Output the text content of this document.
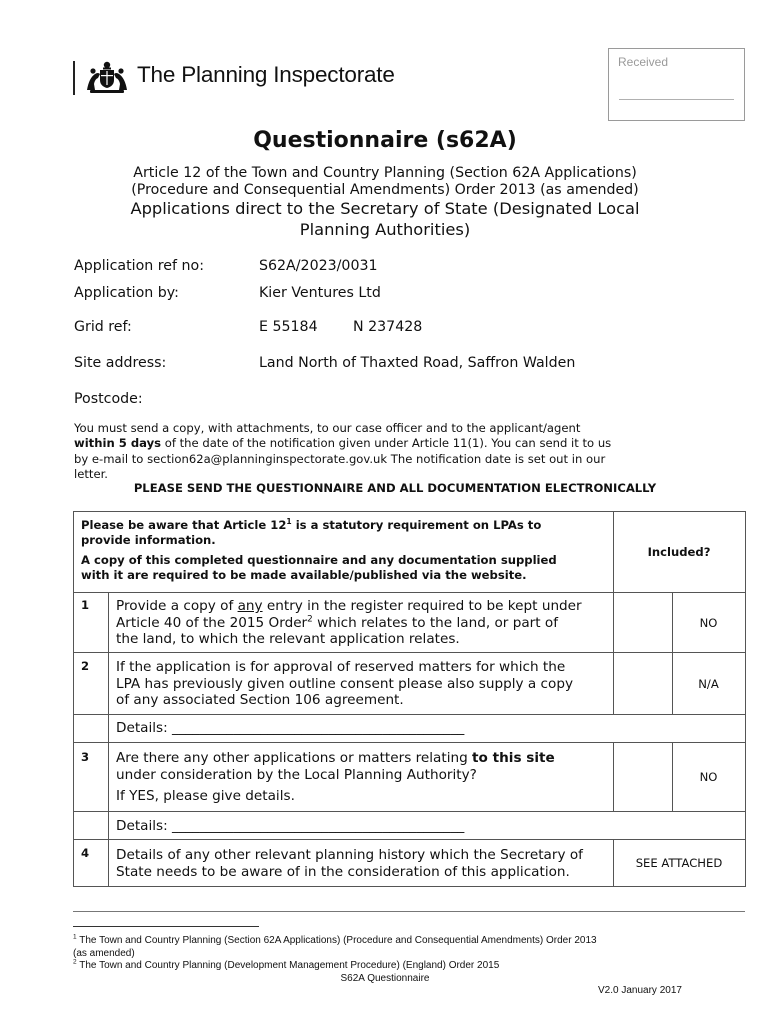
The Planning Inspectorate	Received
Questionnaire (s62A)
Article 12 of the Town and Country Planning (Section 62A Applications)
(Procedure and Consequential Amendments) Order 2013 (as amended)
Applications direct to the Secretary of State (Designated Local
Planning Authorities)
Application ref no:	S62A/2023/0031
Application by:	Kier Ventures Ltd
Grid ref:	E 55184 N 237428
Site address:	Land North of Thaxted Road, Saffron Walden
Postcode:
You must send a copy, with attachments, to our case officer and to the applicant/agent
within 5 days of the date of the notification given under Article 11(1). You can send it to us
by e-mail to section62a@planninginspectorate.gov.uk The notification date is set out in our
letter.
PLEASE SEND THE QUESTIONNAIRE AND ALL DOCUMENTATION ELECTRONICALLY
Please be aware that Article $12^1$ is a statutory requirement on LPAs to
provide information.
A copy of this completed questionnaire and any documentation supplied
with it are required to be made available/published via the website.
Included?
1 Provide a copy of any entry in the register required to be kept under
Article 40 of the 2015 Order$^2$ which relates to the land, or part of
the land, to which the relevant application relates.
NO
2 If the application is for approval of reserved matters for which the
LPA has previously given outline consent please also supply a copy
of any associated Section 106 agreement.
N/A
Details: ___________________________________________
3 Are there any other applications or matters relating to this site
under consideration by the Local Planning Authority?
If YES, please give details.
NO
Details: ___________________________________________
4 Details of any other relevant planning history which the Secretary of
State needs to be aware of in the consideration of this application.
SEE ATTACHED
$^1$ The Town and Country Planning (Section 62A Applications) (Procedure and Consequential Amendments) Order 2013
(as amended)
$^2$ The Town and Country Planning (Development Management Procedure) (England) Order 2015
S62A Questionnaire
V2.0 January 2017
